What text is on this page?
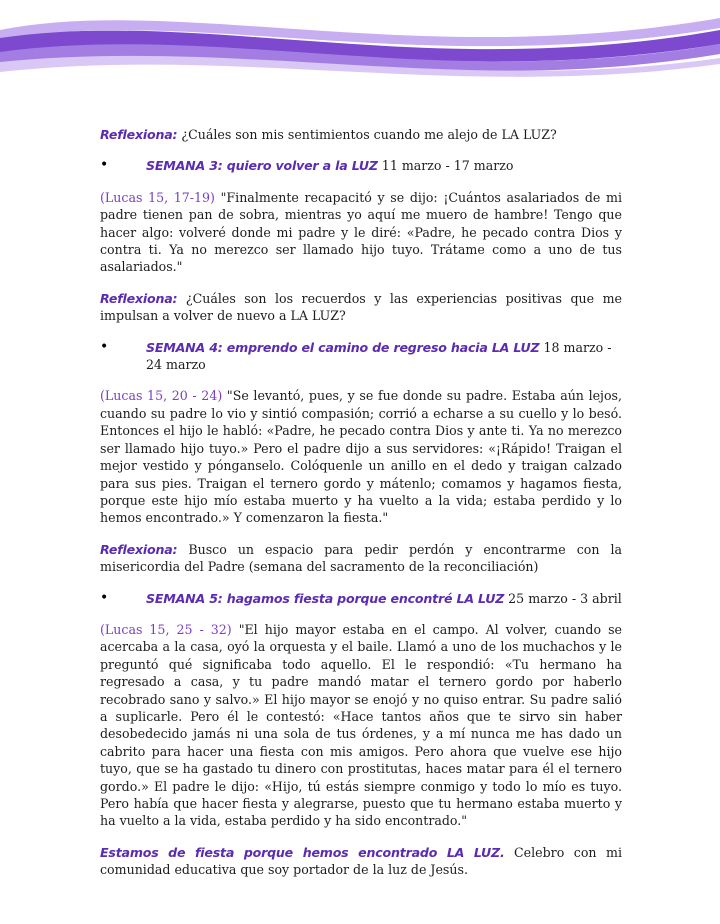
Reflexiona: ¿Cuáles son mis sentimientos cuando me alejo de LA LUZ?

•	SEMANA 3: quiero volver a la LUZ 11 marzo - 17 marzo

(Lucas 15, 17-19) "Finalmente recapacitó y se dijo: ¡Cuántos asalariados de mi padre tienen pan de sobra, mientras yo aquí me muero de hambre! Tengo que hacer algo: volveré donde mi padre y le diré: «Padre, he pecado contra Dios y contra ti. Ya no merezco ser llamado hijo tuyo. Trátame como a uno de tus asalariados."

Reflexiona: ¿Cuáles son los recuerdos y las experiencias positivas que me impulsan a volver de nuevo a LA LUZ?

•	SEMANA 4: emprendo el camino de regreso hacia LA LUZ 18 marzo - 24 marzo

(Lucas 15, 20 - 24) "Se levantó, pues, y se fue donde su padre. Estaba aún lejos, cuando su padre lo vio y sintió compasión; corrió a echarse a su cuello y lo besó. Entonces el hijo le habló: «Padre, he pecado contra Dios y ante ti. Ya no merezco ser llamado hijo tuyo.» Pero el padre dijo a sus servidores: «¡Rápido! Traigan el mejor vestido y pónganselo. Colóquenle un anillo en el dedo y traigan calzado para sus pies. Traigan el ternero gordo y mátenlo; comamos y hagamos fiesta, porque este hijo mío estaba muerto y ha vuelto a la vida; estaba perdido y lo hemos encontrado.» Y comenzaron la fiesta."

Reflexiona: Busco un espacio para pedir perdón y encontrarme con la misericordia del Padre (semana del sacramento de la reconciliación)

•	SEMANA 5: hagamos fiesta porque encontré LA LUZ 25 marzo - 3 abril

(Lucas 15, 25 - 32) "El hijo mayor estaba en el campo. Al volver, cuando se acercaba a la casa, oyó la orquesta y el baile. Llamó a uno de los muchachos y le preguntó qué significaba todo aquello. El le respondió: «Tu hermano ha regresado a casa, y tu padre mandó matar el ternero gordo por haberlo recobrado sano y salvo.» El hijo mayor se enojó y no quiso entrar. Su padre salió a suplicarle. Pero él le contestó: «Hace tantos años que te sirvo sin haber desobedecido jamás ni una sola de tus órdenes, y a mí nunca me has dado un cabrito para hacer una fiesta con mis amigos. Pero ahora que vuelve ese hijo tuyo, que se ha gastado tu dinero con prostitutas, haces matar para él el ternero gordo.» El padre le dijo: «Hijo, tú estás siempre conmigo y todo lo mío es tuyo. Pero había que hacer fiesta y alegrarse, puesto que tu hermano estaba muerto y ha vuelto a la vida, estaba perdido y ha sido encontrado."

Estamos de fiesta porque hemos encontrado LA LUZ. Celebro con mi comunidad educativa que soy portador de la luz de Jesús.
